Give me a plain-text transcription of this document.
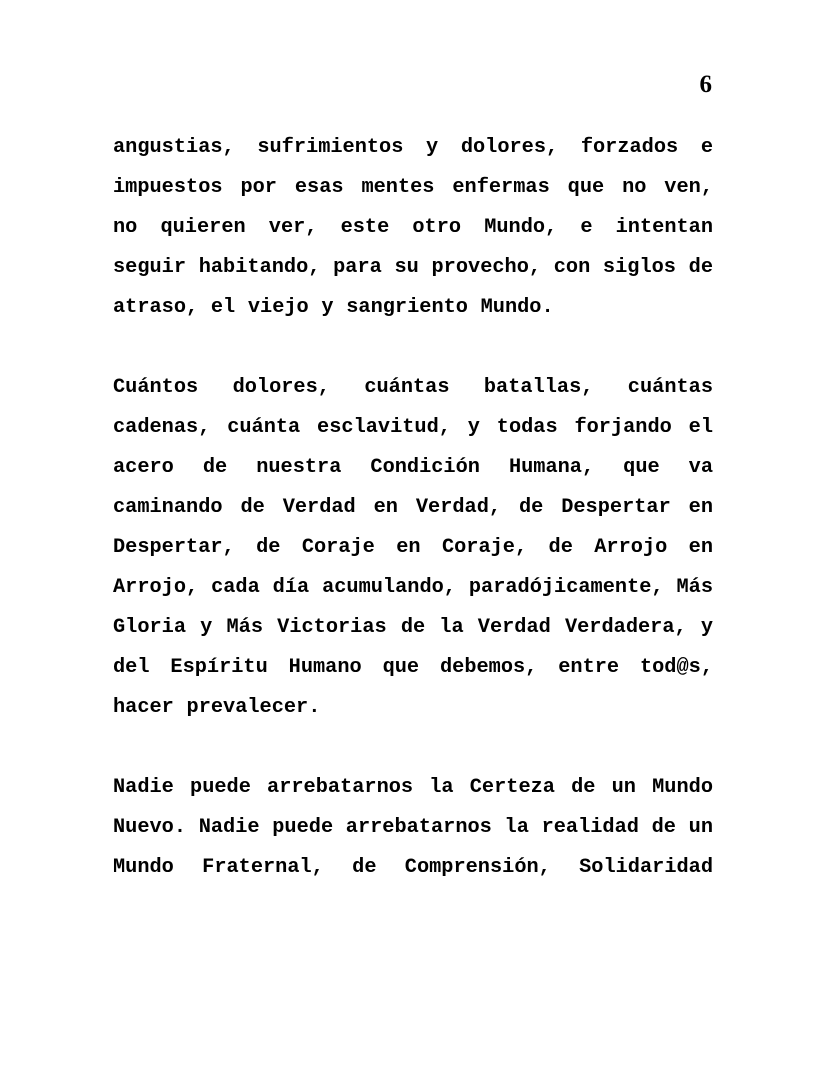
6

angustias, sufrimientos y dolores, forzados e impuestos por esas mentes enfermas que no ven, no quieren ver, este otro Mundo, e intentan seguir habitando, para su provecho, con siglos de atraso, el viejo y sangriento Mundo.

Cuántos dolores, cuántas batallas, cuántas cadenas, cuánta esclavitud, y todas forjando el acero de nuestra Condición Humana, que va caminando de Verdad en Verdad, de Despertar en Despertar, de Coraje en Coraje, de Arrojo en Arrojo, cada día acumulando, paradójicamente, Más Gloria y Más Victorias de la Verdad Verdadera, y del Espíritu Humano que debemos, entre tod@s, hacer prevalecer.

Nadie puede arrebatarnos la Certeza de un Mundo Nuevo. Nadie puede arrebatarnos la realidad de un Mundo Fraternal, de Comprensión, Solidaridad
